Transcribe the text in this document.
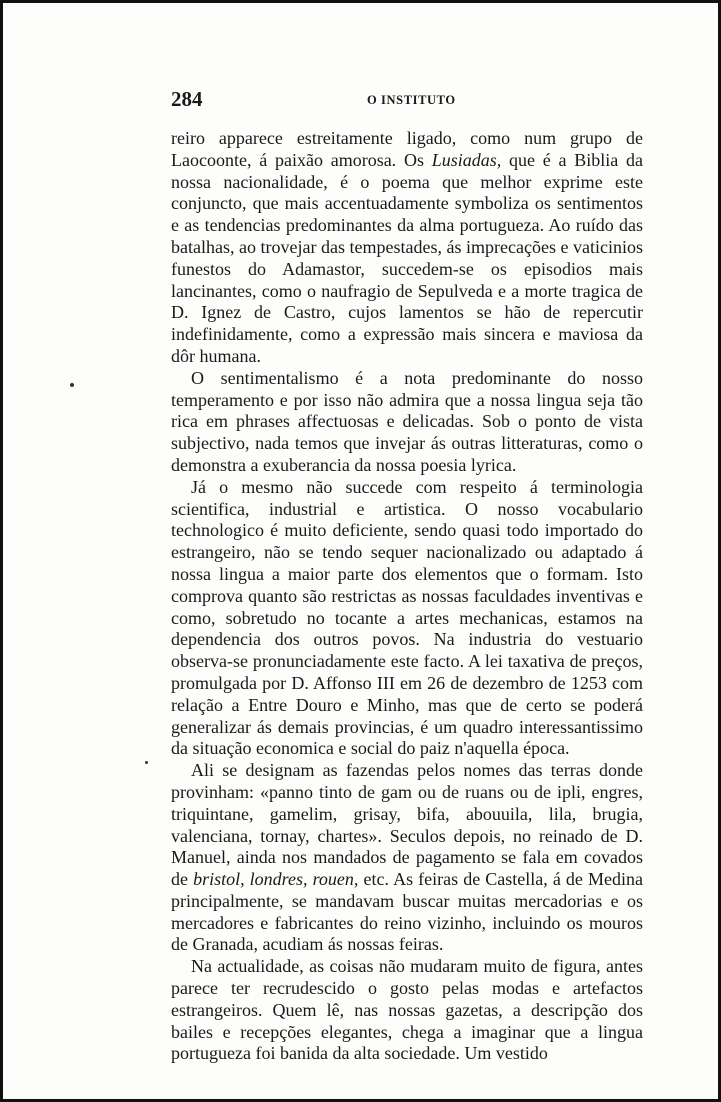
284	O INSTITUTO

reiro apparece estreitamente ligado, como num grupo de Laocoonte, á paixão amorosa. Os Lusiadas, que é a Biblia da nossa nacionalidade, é o poema que melhor exprime este conjuncto, que mais accentuadamente symboliza os sentimentos e as tendencias predominantes da alma portugueza. Ao ruído das batalhas, ao trovejar das tempestades, ás imprecações e vaticinios funestos do Adamastor, succedem-se os episodios mais lancinantes, como o naufragio de Sepulveda e a morte tragica de D. Ignez de Castro, cujos lamentos se hão de repercutir indefinidamente, como a expressão mais sincera e maviosa da dôr humana.

O sentimentalismo é a nota predominante do nosso temperamento e por isso não admira que a nossa lingua seja tão rica em phrases affectuosas e delicadas. Sob o ponto de vista subjectivo, nada temos que invejar ás outras litteraturas, como o demonstra a exuberancia da nossa poesia lyrica.

Já o mesmo não succede com respeito á terminologia scientifica, industrial e artistica. O nosso vocabulario technologico é muito deficiente, sendo quasi todo importado do estrangeiro, não se tendo sequer nacionalizado ou adaptado á nossa lingua a maior parte dos elementos que o formam. Isto comprova quanto são restrictas as nossas faculdades inventivas e como, sobretudo no tocante a artes mechanicas, estamos na dependencia dos outros povos. Na industria do vestuario observa-se pronunciadamente este facto. A lei taxativa de preços, promulgada por D. Affonso III em 26 de dezembro de 1253 com relação a Entre Douro e Minho, mas que de certo se poderá generalizar ás demais provincias, é um quadro interessantissimo da situação economica e social do paiz n'aquella época.

Ali se designam as fazendas pelos nomes das terras donde provinham: «panno tinto de gam ou de ruans ou de ipli, engres, triquintane, gamelim, grisay, bifa, abouuila, lila, brugia, valenciana, tornay, chartes». Seculos depois, no reinado de D. Manuel, ainda nos mandados de pagamento se fala em covados de bristol, londres, rouen, etc. As feiras de Castella, á de Medina principalmente, se mandavam buscar muitas mercadorias e os mercadores e fabricantes do reino vizinho, incluindo os mouros de Granada, acudiam ás nossas feiras.

Na actualidade, as coisas não mudaram muito de figura, antes parece ter recrudescido o gosto pelas modas e artefactos estrangeiros. Quem lê, nas nossas gazetas, a descripção dos bailes e recepções elegantes, chega a imaginar que a lingua portugueza foi banida da alta sociedade. Um vestido
